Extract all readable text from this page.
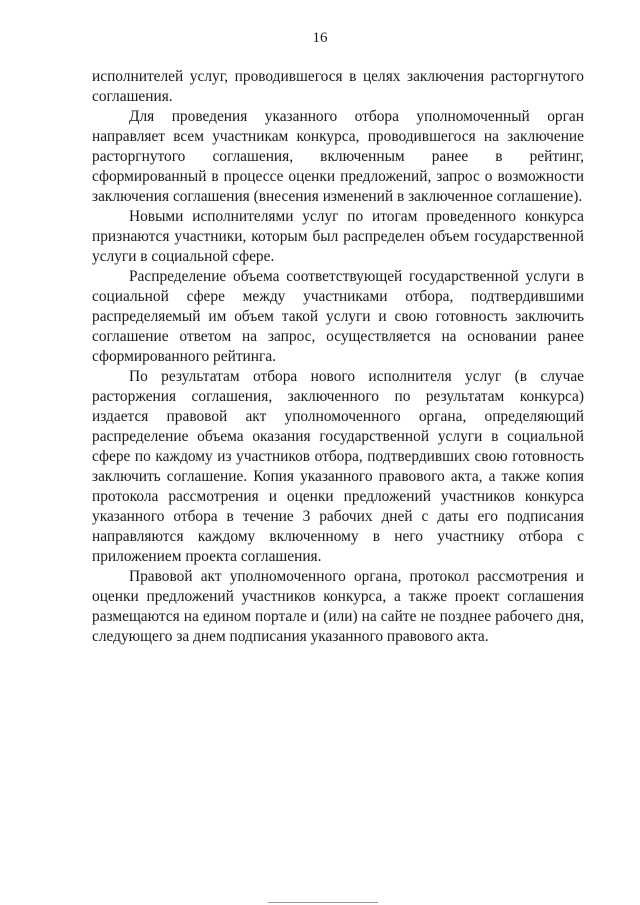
16

исполнителей услуг, проводившегося в целях заключения расторгнутого соглашения.

Для проведения указанного отбора уполномоченный орган направляет всем участникам конкурса, проводившегося на заключение расторгнутого соглашения, включенным ранее в рейтинг, сформированный в процессе оценки предложений, запрос о возможности заключения соглашения (внесения изменений в заключенное соглашение).

Новыми исполнителями услуг по итогам проведенного конкурса признаются участники, которым был распределен объем государственной услуги в социальной сфере.

Распределение объема соответствующей государственной услуги в социальной сфере между участниками отбора, подтвердившими распределяемый им объем такой услуги и свою готовность заключить соглашение ответом на запрос, осуществляется на основании ранее сформированного рейтинга.

По результатам отбора нового исполнителя услуг (в случае расторжения соглашения, заключенного по результатам конкурса) издается правовой акт уполномоченного органа, определяющий распределение объема оказания государственной услуги в социальной сфере по каждому из участников отбора, подтвердивших свою готовность заключить соглашение. Копия указанного правового акта, а также копия протокола рассмотрения и оценки предложений участников конкурса указанного отбора в течение 3 рабочих дней с даты его подписания направляются каждому включенному в него участнику отбора с приложением проекта соглашения.

Правовой акт уполномоченного органа, протокол рассмотрения и оценки предложений участников конкурса, а также проект соглашения размещаются на едином портале и (или) на сайте не позднее рабочего дня, следующего за днем подписания указанного правового акта.
